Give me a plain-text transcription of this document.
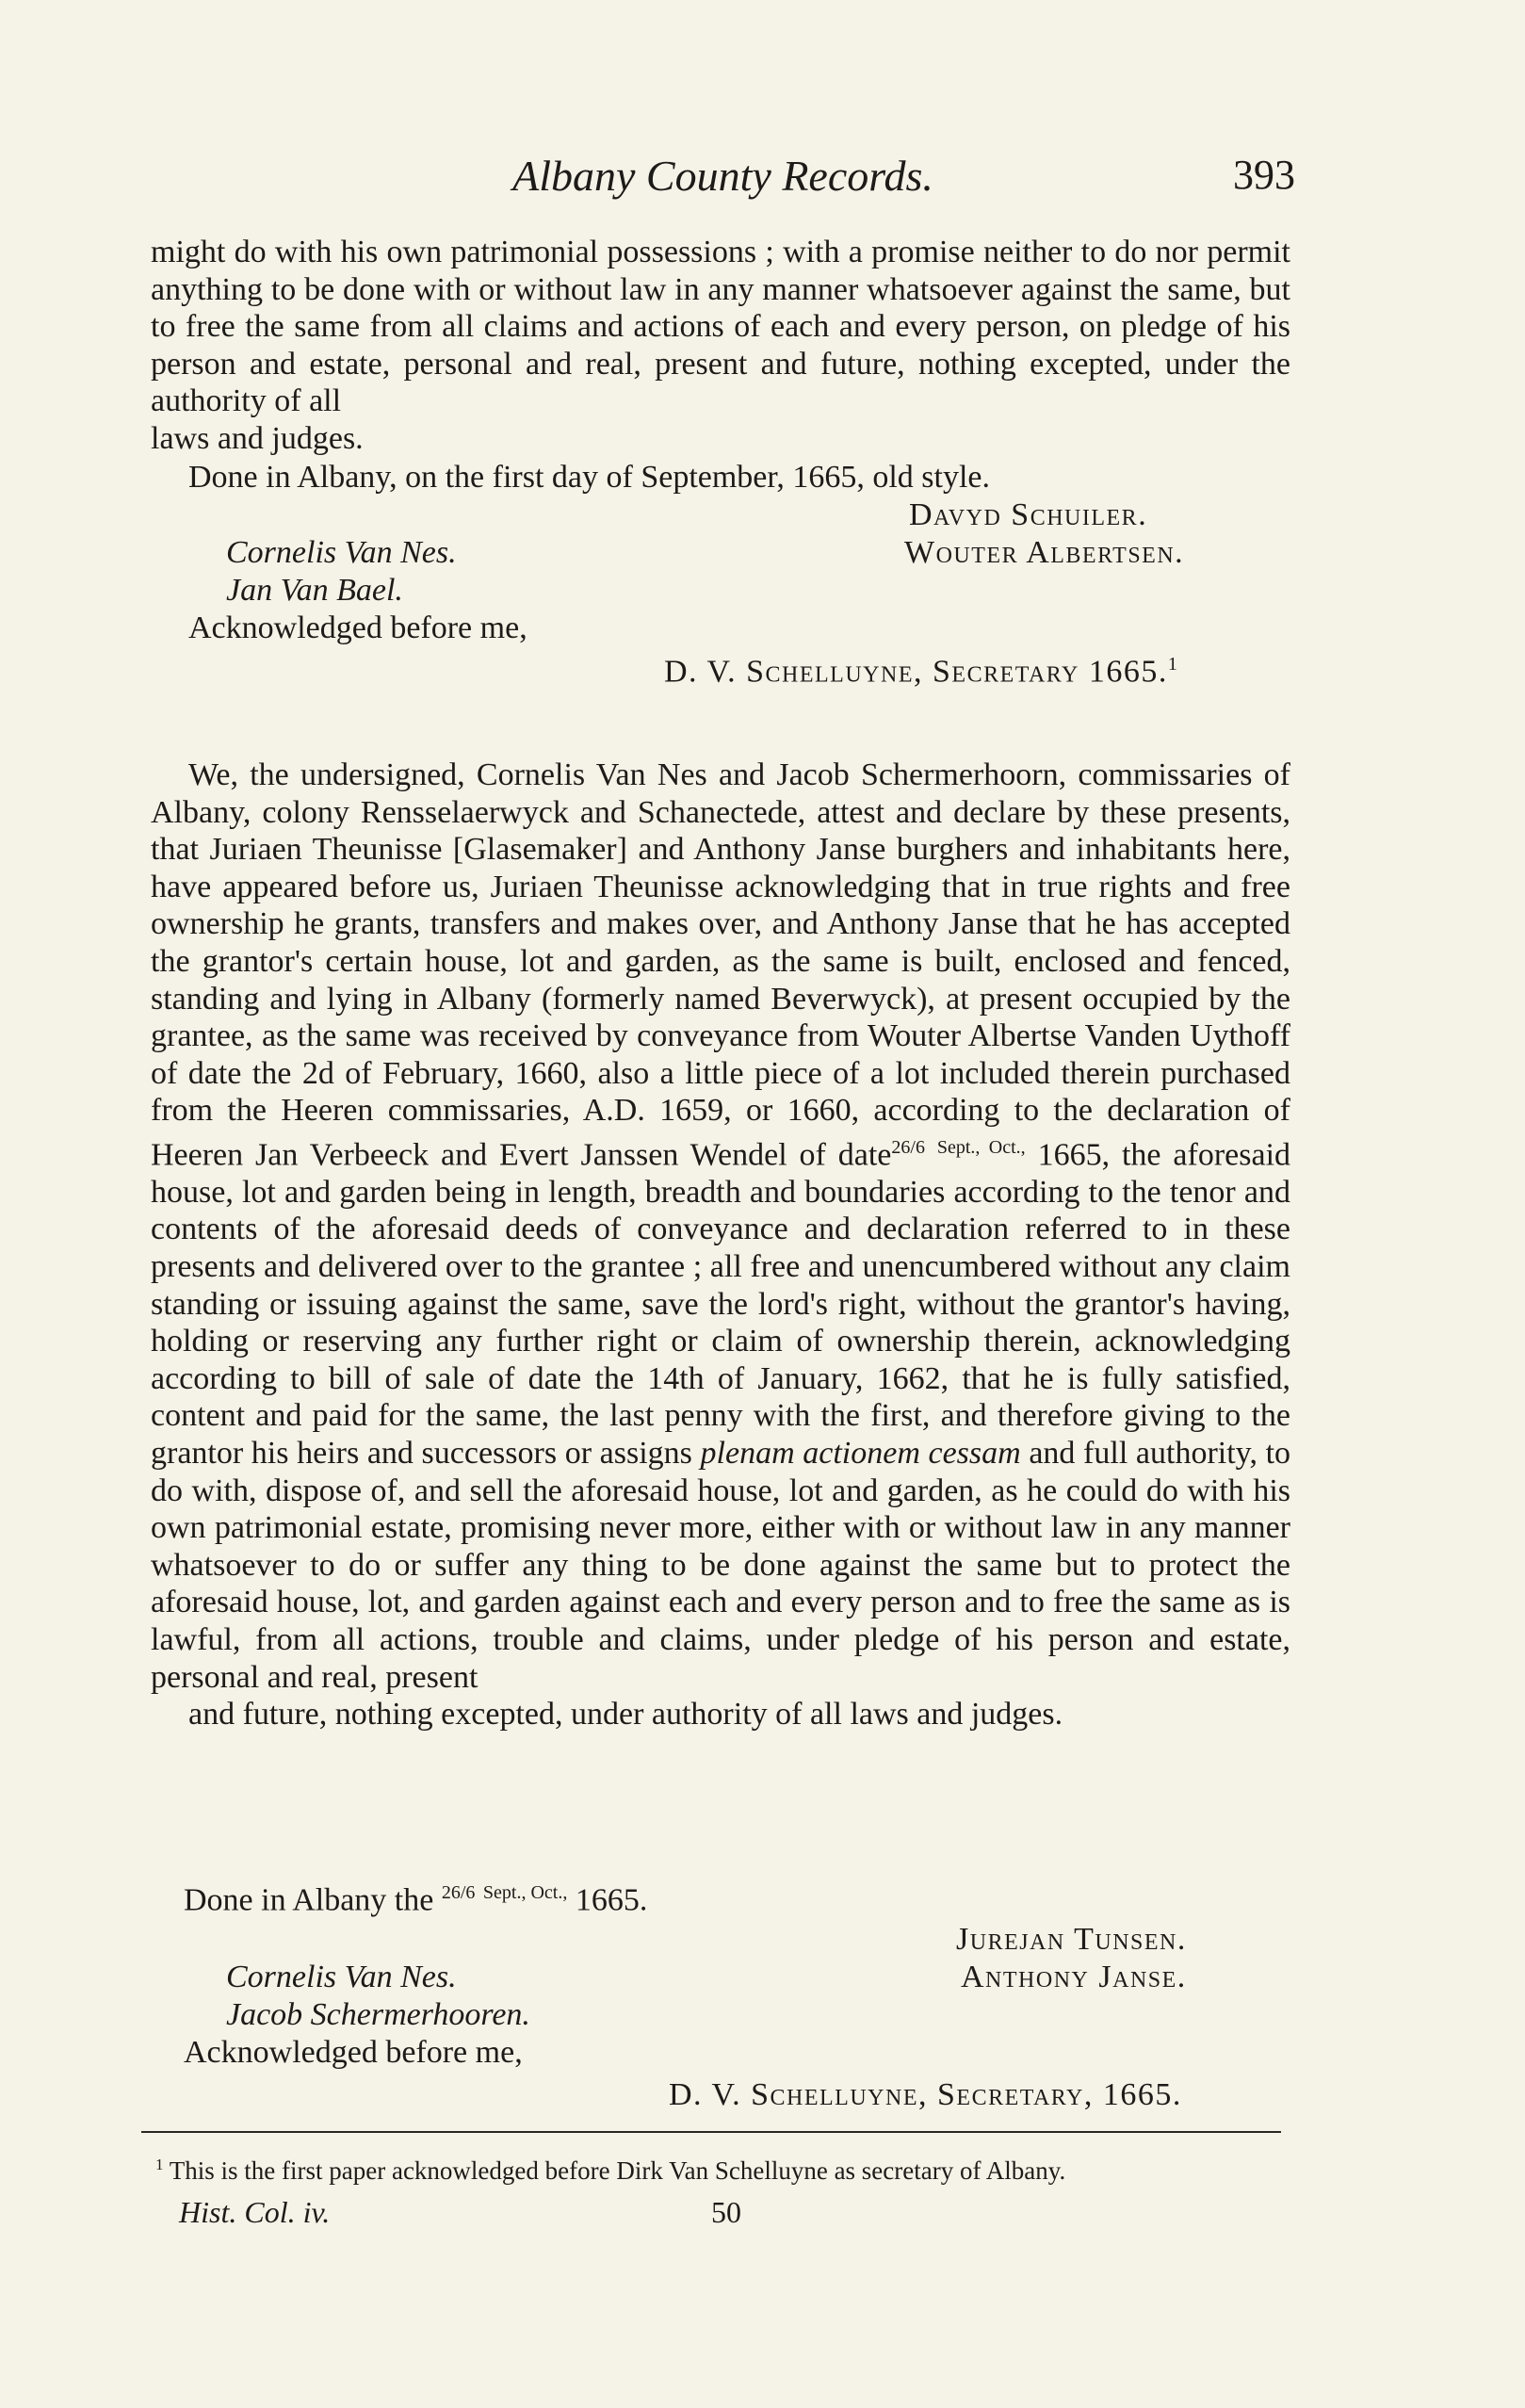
Albany County Records.	393

might do with his own patrimonial possessions ; with a promise neither to do nor permit anything to be done with or without law in any manner whatsoever against the same, but to free the same from all claims and actions of each and every person, on pledge of his person and estate, personal and real, present and future, nothing excepted, under the authority of all
laws and judges.

Done in Albany, on the first day of September, 1665, old style.
Davyd Schuiler.
Cornelis Van Nes.	Wouter Albertsen.
Jan Van Bael.
Acknowledged before me,
D. V. Schelluyne, Secretary 1665.$^1$

We, the undersigned, Cornelis Van Nes and Jacob Schermerhoorn, commissaries of Albany, colony Rensselaerwyck and Schanectede, attest and declare by these presents, that Juriaen Theunisse [Glasemaker] and Anthony Janse burghers and inhabitants here, have appeared before us, Juriaen Theunisse acknowledging that in true rights and free ownership he grants, transfers and makes over, and Anthony Janse that he has accepted the grantor's certain house, lot and garden, as the same is built, enclosed and fenced, standing and lying in Albany (formerly named Beverwyck), at present occupied by the grantee, as the same was received by conveyance from Wouter Albertse Vanden Uythoff of date the 2d of February, 1660, also a little piece of a lot included therein purchased from the Heeren commissaries, A.D. 1659, or 1660, according to the declaration of Heeren Jan Verbeeck and Evert Janssen Wendel of date$^{26/6}$ $^{Sept., Oct.,}$ 1665, the aforesaid house, lot and garden being in length, breadth and boundaries according to the tenor and contents of the aforesaid deeds of conveyance and declaration referred to in these presents and delivered over to the grantee ; all free and unencumbered without any claim standing or issuing against the same, save the lord's right, without the grantor's having, holding or reserving any further right or claim of ownership therein, acknowledging according to bill of sale of date the 14th of January, 1662, that he is fully satisfied, content and paid for the same, the last penny with the first, and therefore giving to the grantor his heirs and successors or assigns plenam actionem cessam and full authority, to do with, dispose of, and sell the aforesaid house, lot and garden, as he could do with his own patrimonial estate, promising never more, either with or without law in any manner whatsoever to do or suffer any thing to be done against the same but to protect the aforesaid house, lot, and garden against each and every person and to free the same as is lawful, from all actions, trouble and claims, under pledge of his person and estate, personal and real, present
and future, nothing excepted, under authority of all laws and judges.

Done in Albany the $^{26/6}$ $^{Sept., Oct.,}$ 1665.
Jurejan Tunsen.
Cornelis Van Nes.	Anthony Janse.
Jacob Schermerhooren.
Acknowledged before me,
D. V. Schelluyne, Secretary, 1665.
$^1$ This is the first paper acknowledged before Dirk Van Schelluyne as secretary of Albany.
Hist. Col. iv.	50
